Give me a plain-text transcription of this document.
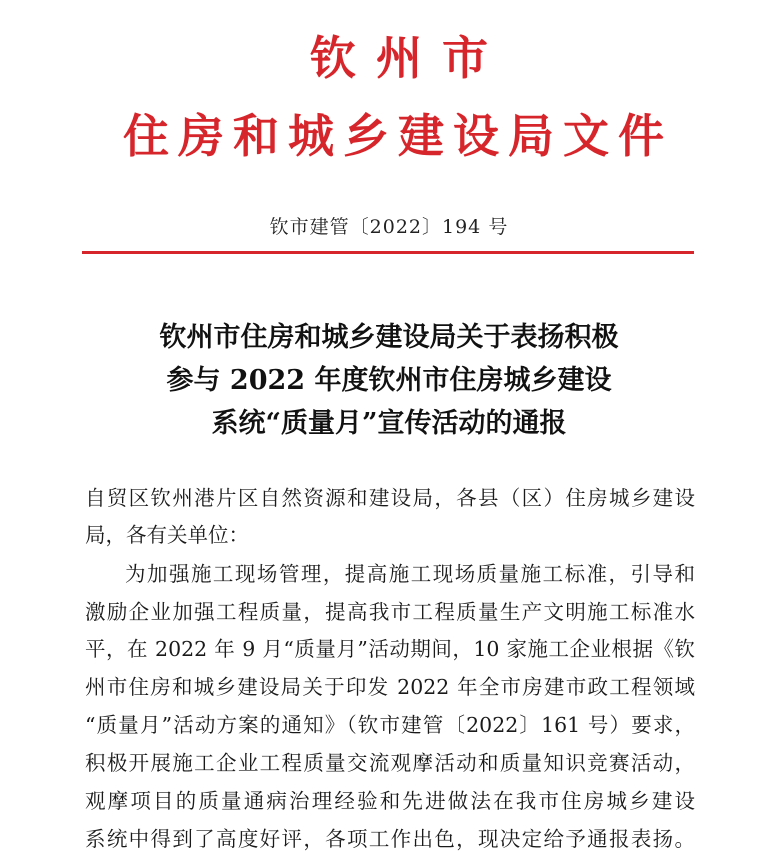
钦州市
住房和城乡建设局文件
钦市建管〔2022〕194 号
钦州市住房和城乡建设局关于表扬积极
参与 2022 年度钦州市住房城乡建设
系统“质量月”宣传活动的通报
自贸区钦州港片区自然资源和建设局，各县（区）住房城乡建设
局，各有关单位：
为加强施工现场管理，提高施工现场质量施工标准，引导和
激励企业加强工程质量，提高我市工程质量生产文明施工标准水
平，在 2022 年 9 月“质量月”活动期间，10 家施工企业根据《钦
州市住房和城乡建设局关于印发 2022 年全市房建市政工程领域
“质量月”活动方案的通知》（钦市建管〔2022〕161 号）要求，
积极开展施工企业工程质量交流观摩活动和质量知识竞赛活动，
观摩项目的质量通病治理经验和先进做法在我市住房城乡建设
系统中得到了高度好评，各项工作出色，现决定给予通报表扬。
